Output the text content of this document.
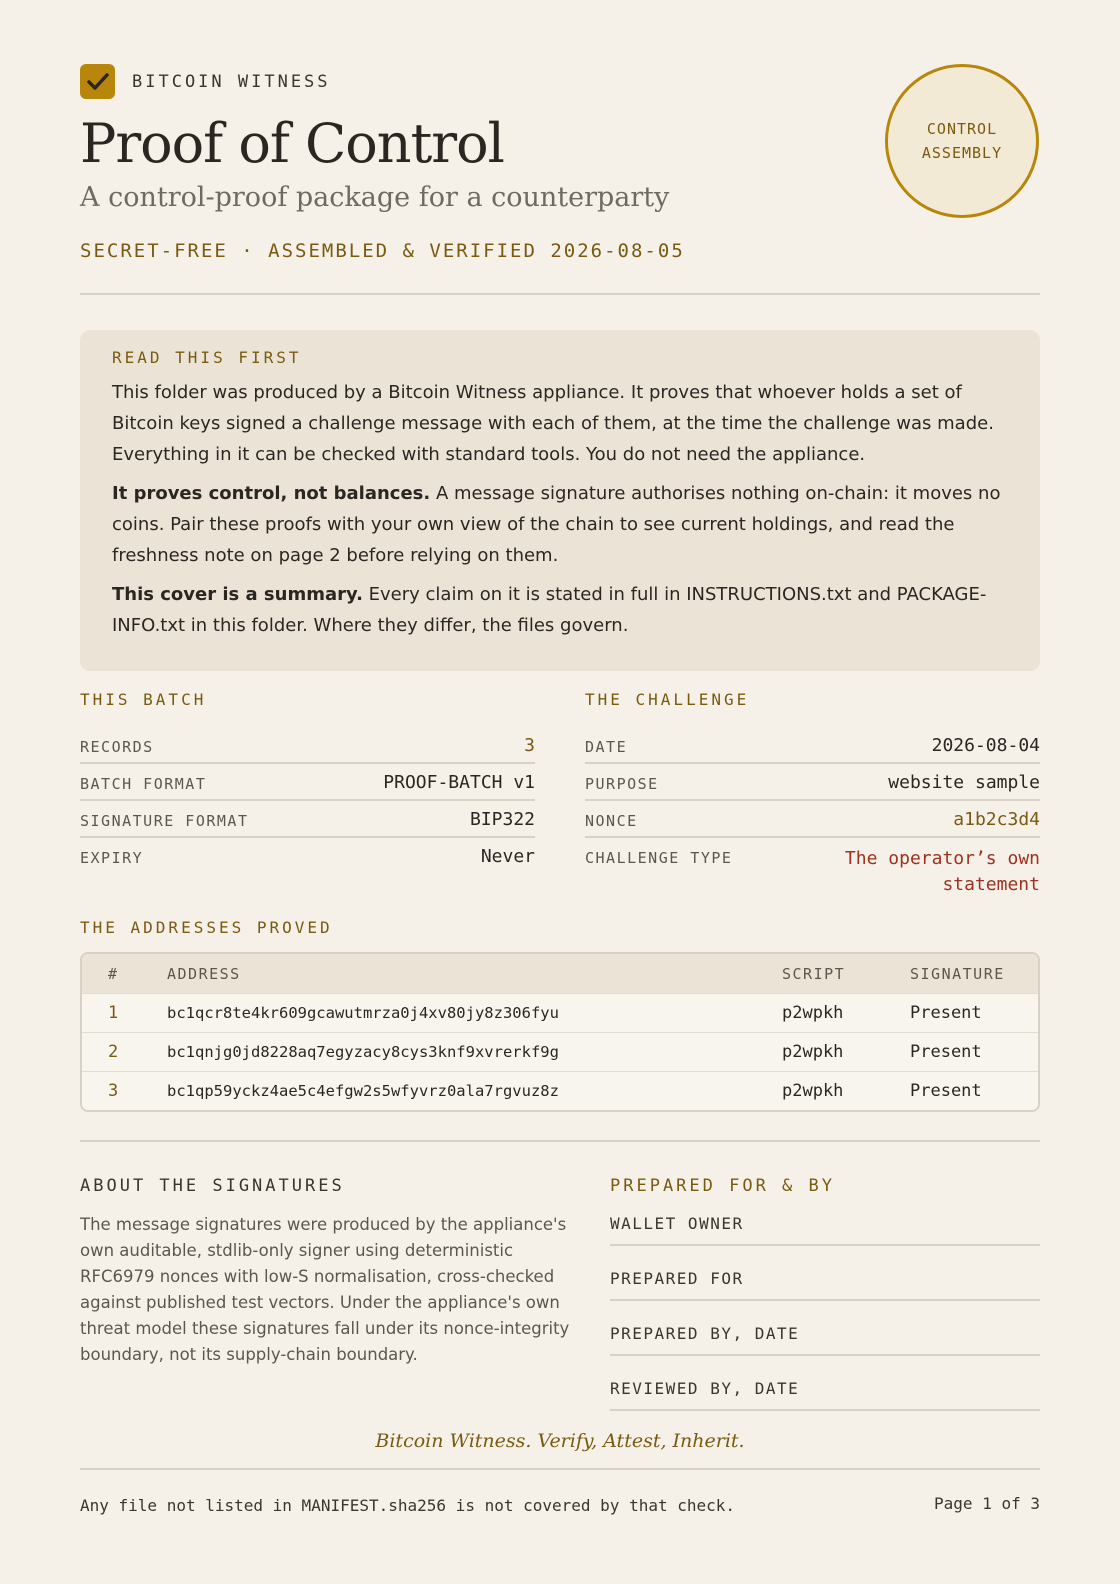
BITCOIN WITNESS
Proof of Control
A control-proof package for a counterparty
SECRET-FREE · ASSEMBLED & VERIFIED 2026-08-05
CONTROL
ASSEMBLY
READ THIS FIRST

This folder was produced by a Bitcoin Witness appliance. It proves that whoever holds a set of Bitcoin keys signed a challenge message with each of them, at the time the challenge was made. Everything in it can be checked with standard tools. You do not need the appliance.

It proves control, not balances. A message signature authorises nothing on-chain: it moves no coins. Pair these proofs with your own view of the chain to see current holdings, and read the freshness note on page 2 before relying on them.

This cover is a summary. Every claim on it is stated in full in INSTRUCTIONS.txt and PACKAGE-INFO.txt in this folder. Where they differ, the files govern.

THIS BATCH
RECORDS	3
BATCH FORMAT	PROOF-BATCH v1
SIGNATURE FORMAT	BIP322
EXPIRY	Never
THE CHALLENGE
DATE	2026-08-04
PURPOSE	website sample
NONCE	a1b2c3d4
CHALLENGE TYPE	The operator’s own
statement
THE ADDRESSES PROVED
#	ADDRESS	SCRIPT	SIGNATURE
1	bc1qcr8te4kr609gcawutmrza0j4xv80jy8z306fyu	p2wpkh	Present
2	bc1qnjg0jd8228aq7egyzacy8cys3knf9xvrerkf9g	p2wpkh	Present
3	bc1qp59yckz4ae5c4efgw2s5wfyvrz0ala7rgvuz8z	p2wpkh	Present
ABOUT THE SIGNATURES

The message signatures were produced by the appliance's own auditable, stdlib-only signer using deterministic RFC6979 nonces with low-S normalisation, cross-checked against published test vectors. Under the appliance's own threat model these signatures fall under its nonce-integrity boundary, not its supply-chain boundary.

PREPARED FOR & BY
WALLET OWNER
PREPARED FOR
PREPARED BY, DATE
REVIEWED BY, DATE
Bitcoin Witness. Verify, Attest, Inherit.
Any file not listed in MANIFEST.sha256 is not covered by that check.	Page 1 of 3
